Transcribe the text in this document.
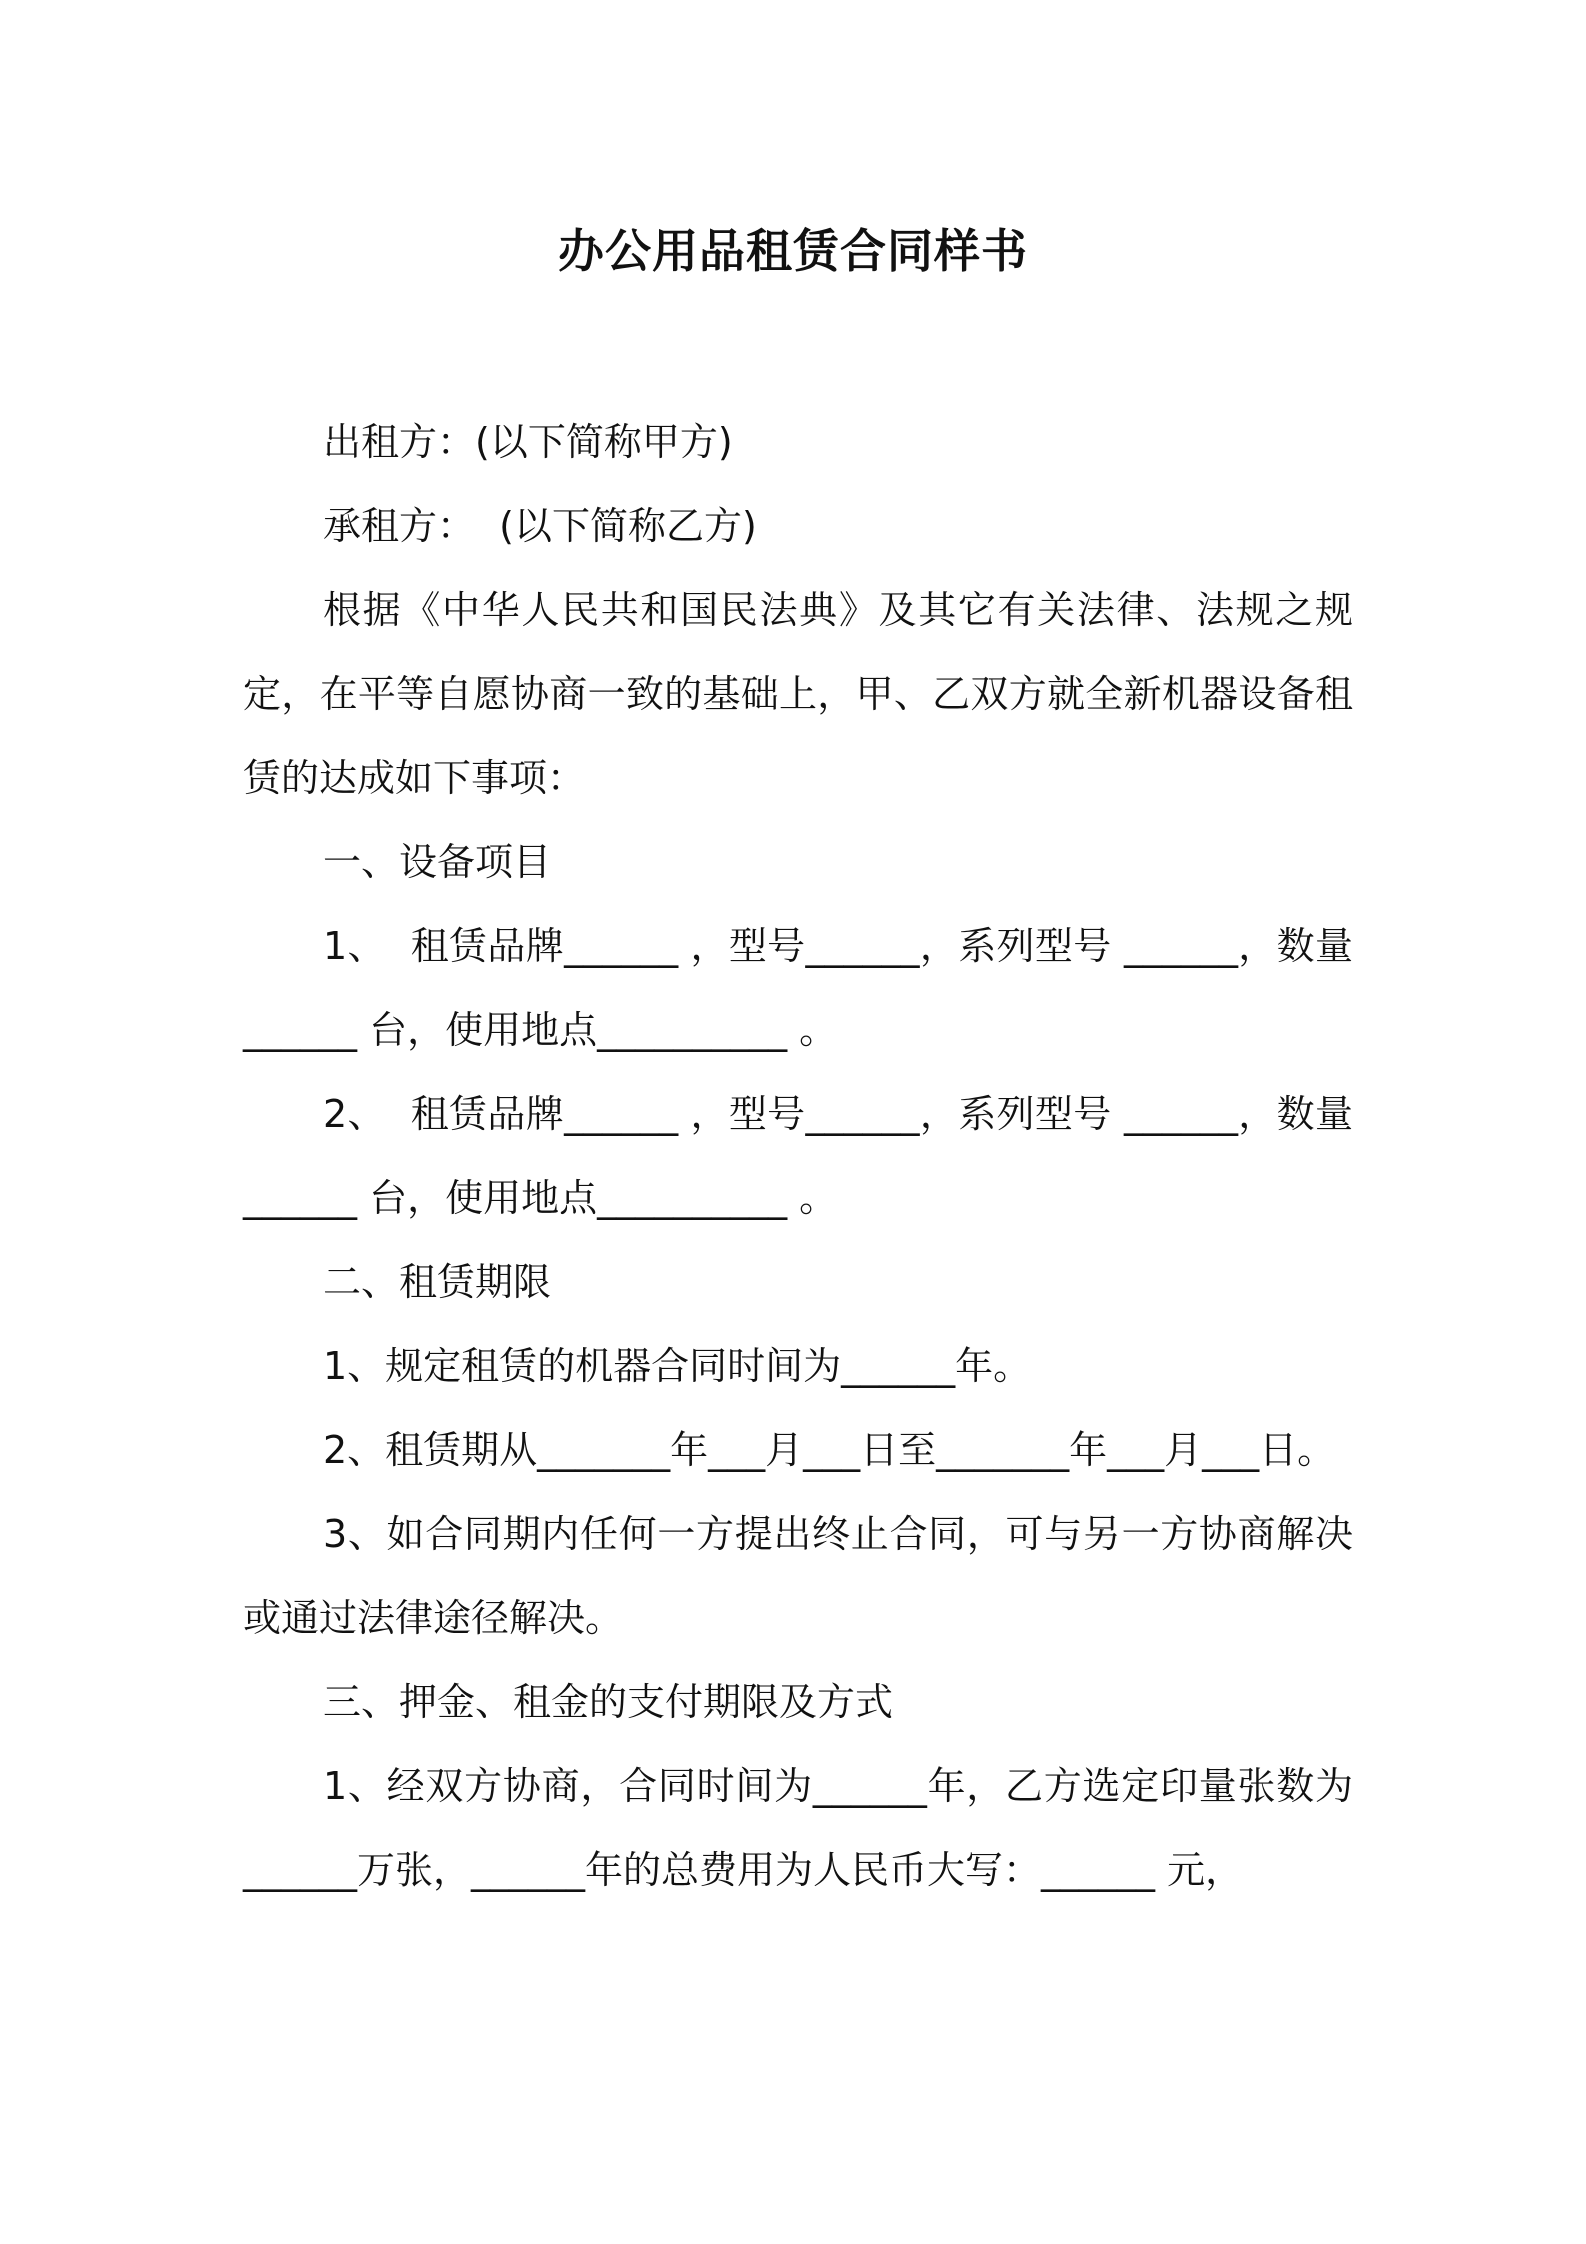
办公用品租赁合同样书

出租方：(以下简称甲方)

承租方：  (以下简称乙方)

根据《中华人民共和国民法典》及其它有关法律、法规之规定，在平等自愿协商一致的基础上，甲、乙双方就全新机器设备租赁的达成如下事项：

一、设备项目

1、  租赁品牌______ ，型号______，系列型号 ______，数量______ 台，使用地点__________ 。

2、  租赁品牌______ ，型号______，系列型号 ______，数量______ 台，使用地点__________ 。

二、租赁期限

1、规定租赁的机器合同时间为______年。

2、租赁期从_______年___月___日至_______年___月___日。

3、如合同期内任何一方提出终止合同，可与另一方协商解决或通过法律途径解决。

三、押金、租金的支付期限及方式

1、经双方协商，合同时间为______年，乙方选定印量张数为 ______万张，______年的总费用为人民币大写：______ 元，
